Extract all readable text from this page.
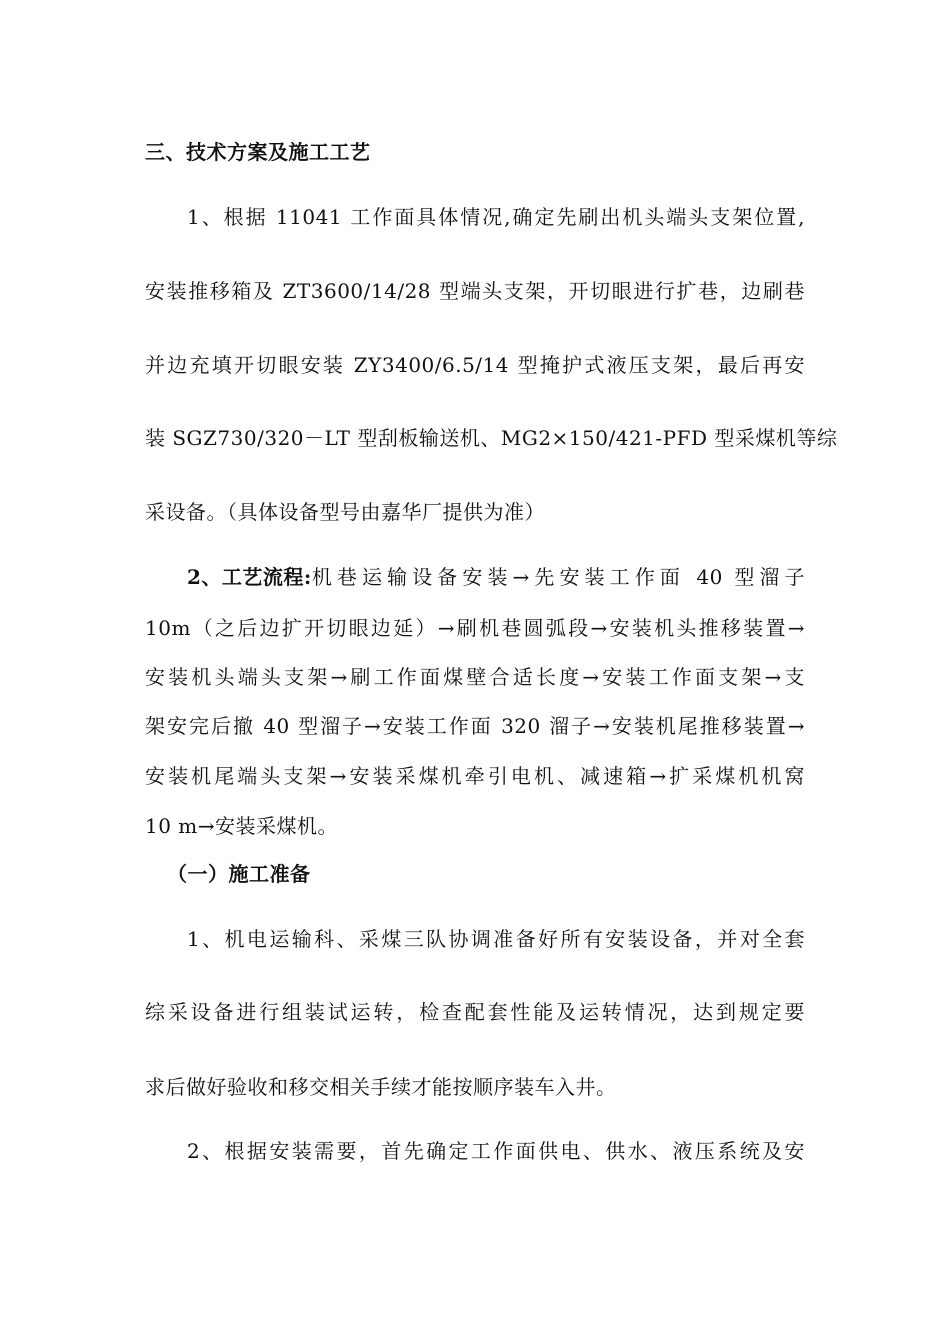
三、技术方案及施工工艺
1、根据 11041 工作面具体情况,确定先刷出机头端头支架位置,
安装推移箱及 ZT3600/14/28 型端头支架，开切眼进行扩巷，边刷巷
并边充填开切眼安装 ZY3400/6.5/14 型掩护式液压支架，最后再安
装 SGZ730/320－LT 型刮板输送机、MG2×150/421-PFD 型采煤机等综
采设备。（具体设备型号由嘉华厂提供为准）
2、工艺流程: 机巷运输设备安装→先安装工作面 40 型溜子
10m（之后边扩开切眼边延）→刷机巷圆弧段→安装机头推移装置→
安装机头端头支架→刷工作面煤壁合适长度→安装工作面支架→支
架安完后撤 40 型溜子→安装工作面 320 溜子→安装机尾推移装置→
安装机尾端头支架→安装采煤机牵引电机、减速箱→扩采煤机机窝
10 m→安装采煤机。
（一）施工准备
1、机电运输科、采煤三队协调准备好所有安装设备，并对全套
综采设备进行组装试运转，检查配套性能及运转情况，达到规定要
求后做好验收和移交相关手续才能按顺序装车入井。
2、根据安装需要，首先确定工作面供电、供水、液压系统及安
